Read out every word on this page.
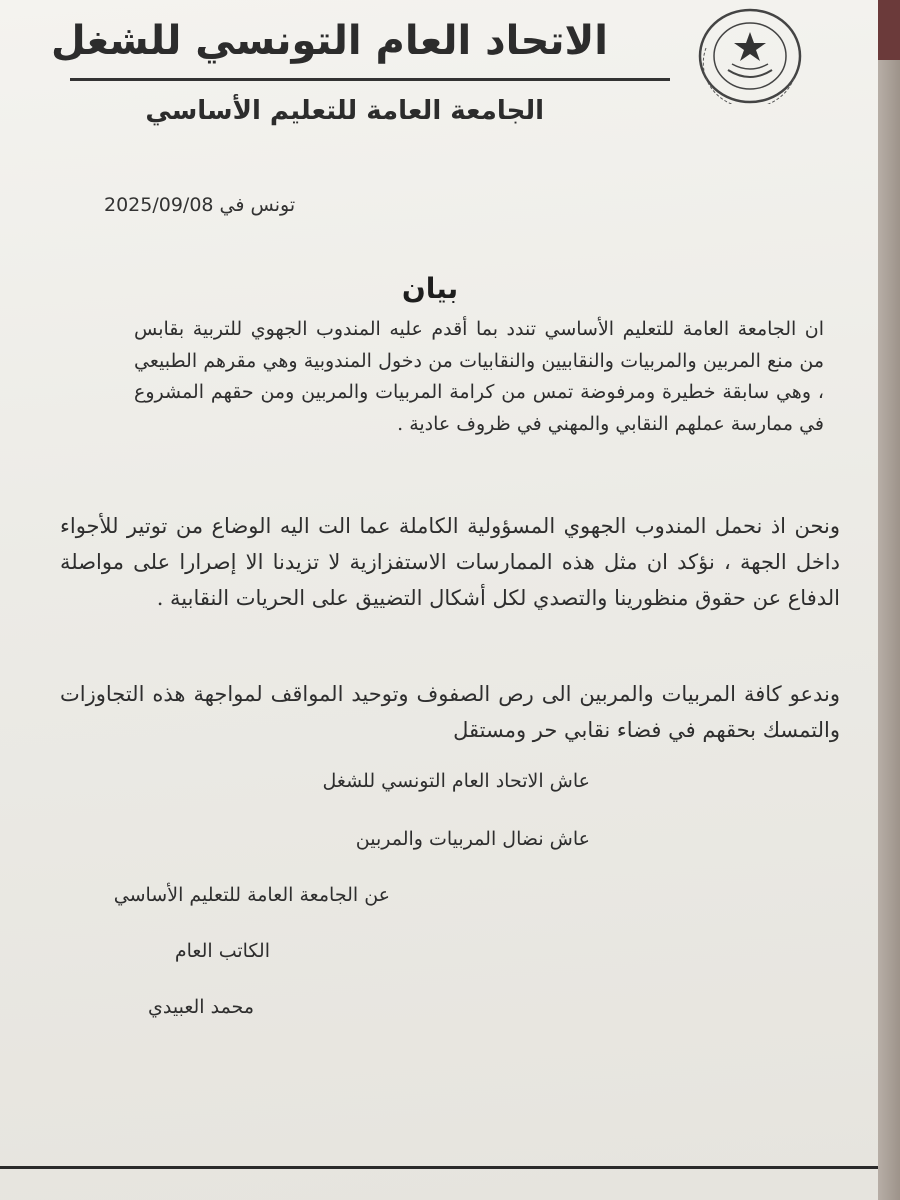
الاتحاد العام التونسي للشغل
الجامعة العامة للتعليم الأساسي
تونس في 2025/09/08
بيان
ان الجامعة العامة للتعليم الأساسي تندد بما أقدم عليه المندوب الجهوي للتربية بقابس من منع المربين والمربيات والنقابيين والنقابيات من دخول المندوبية وهي مقرهم الطبيعي ، وهي سابقة خطيرة ومرفوضة تمس من كرامة المربيات والمربين ومن حقهم المشروع في ممارسة عملهم النقابي والمهني في ظروف عادية .
ونحن اذ نحمل المندوب الجهوي المسؤولية الكاملة عما الت اليه الوضاع من توتير للأجواء داخل الجهة ، نؤكد ان مثل هذه الممارسات الاستفزازية لا تزيدنا الا إصرارا على مواصلة الدفاع عن حقوق منظورينا والتصدي لكل أشكال التضييق على الحريات النقابية .
وندعو كافة المربيات والمربين الى رص الصفوف وتوحيد المواقف لمواجهة هذه التجاوزات والتمسك بحقهم في فضاء نقابي حر ومستقل
عاش الاتحاد العام التونسي للشغل
عاش نضال المربيات والمربين
عن الجامعة العامة للتعليم الأساسي
الكاتب العام
محمد العبيدي
